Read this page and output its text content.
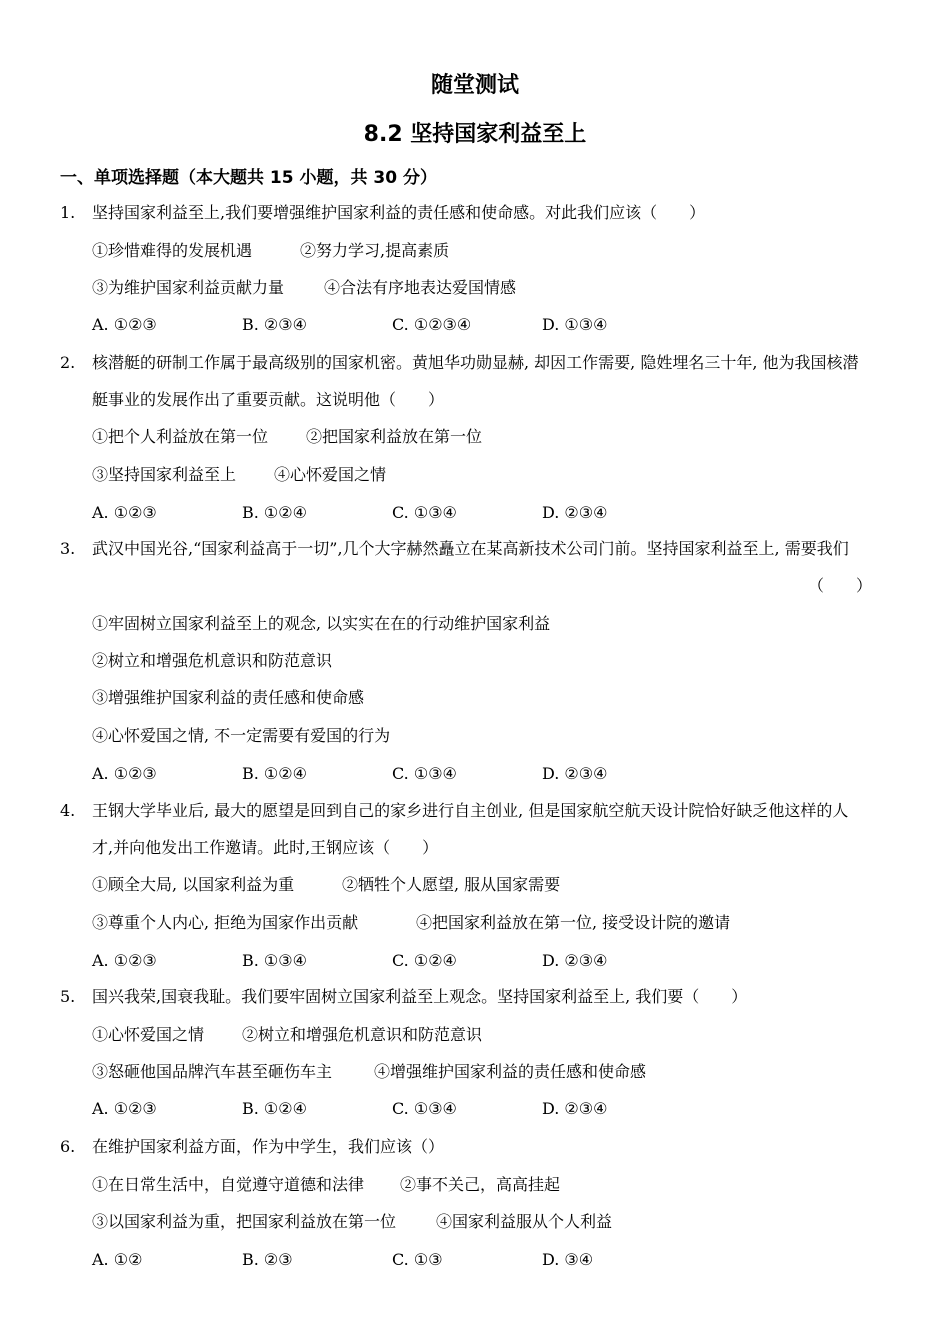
随堂测试
8.2 坚持国家利益至上
一、单项选择题（本大题共 15 小题，共 30 分）
1. 坚持国家利益至上,我们要增强维护国家利益的责任感和使命感。对此我们应该（　　）
①珍惜难得的发展机遇	②努力学习,提高素质
③为维护国家利益贡献力量 ④合法有序地表达爱国情感
A. ①②③	B. ②③④	C. ①②③④	D. ①③④
2. 核潜艇的研制工作属于最高级别的国家机密。黄旭华功勋显赫, 却因工作需要, 隐姓埋名三十年, 他为我国核潜
艇事业的发展作出了重要贡献。这说明他（　　）
①把个人利益放在第一位 ②把国家利益放在第一位
③坚持国家利益至上 ④心怀爱国之情
A. ①②③	B. ①②④	C. ①③④	D. ②③④
3. 武汉中国光谷,“国家利益高于一切”,几个大字赫然矗立在某高新技术公司门前。坚持国家利益至上, 需要我们
（　　）
①牢固树立国家利益至上的观念, 以实实在在的行动维护国家利益
②树立和增强危机意识和防范意识
③增强维护国家利益的责任感和使命感
④心怀爱国之情, 不一定需要有爱国的行为
A. ①②③	B. ①②④	C. ①③④	D. ②③④
4. 王钢大学毕业后, 最大的愿望是回到自己的家乡进行自主创业, 但是国家航空航天设计院恰好缺乏他这样的人
才,并向他发出工作邀请。此时,王钢应该（　　）
①顾全大局, 以国家利益为重	②牺牲个人愿望, 服从国家需要
③尊重个人内心, 拒绝为国家作出贡献	④把国家利益放在第一位, 接受设计院的邀请
A. ①②③	B. ①③④	C. ①②④	D. ②③④
5. 国兴我荣,国衰我耻。我们要牢固树立国家利益至上观念。坚持国家利益至上, 我们要（　　）
①心怀爱国之情 ②树立和增强危机意识和防范意识
③怒砸他国品牌汽车甚至砸伤车主	④增强维护国家利益的责任感和使命感
A. ①②③	B. ①②④	C. ①③④	D. ②③④
6. 在维护国家利益方面，作为中学生，我们应该（）
①在日常生活中，自觉遵守道德和法律 ②事不关己，高高挂起
③以国家利益为重，把国家利益放在第一位 ④国家利益服从个人利益
A. ①②	B. ②③	C. ①③	D. ③④
